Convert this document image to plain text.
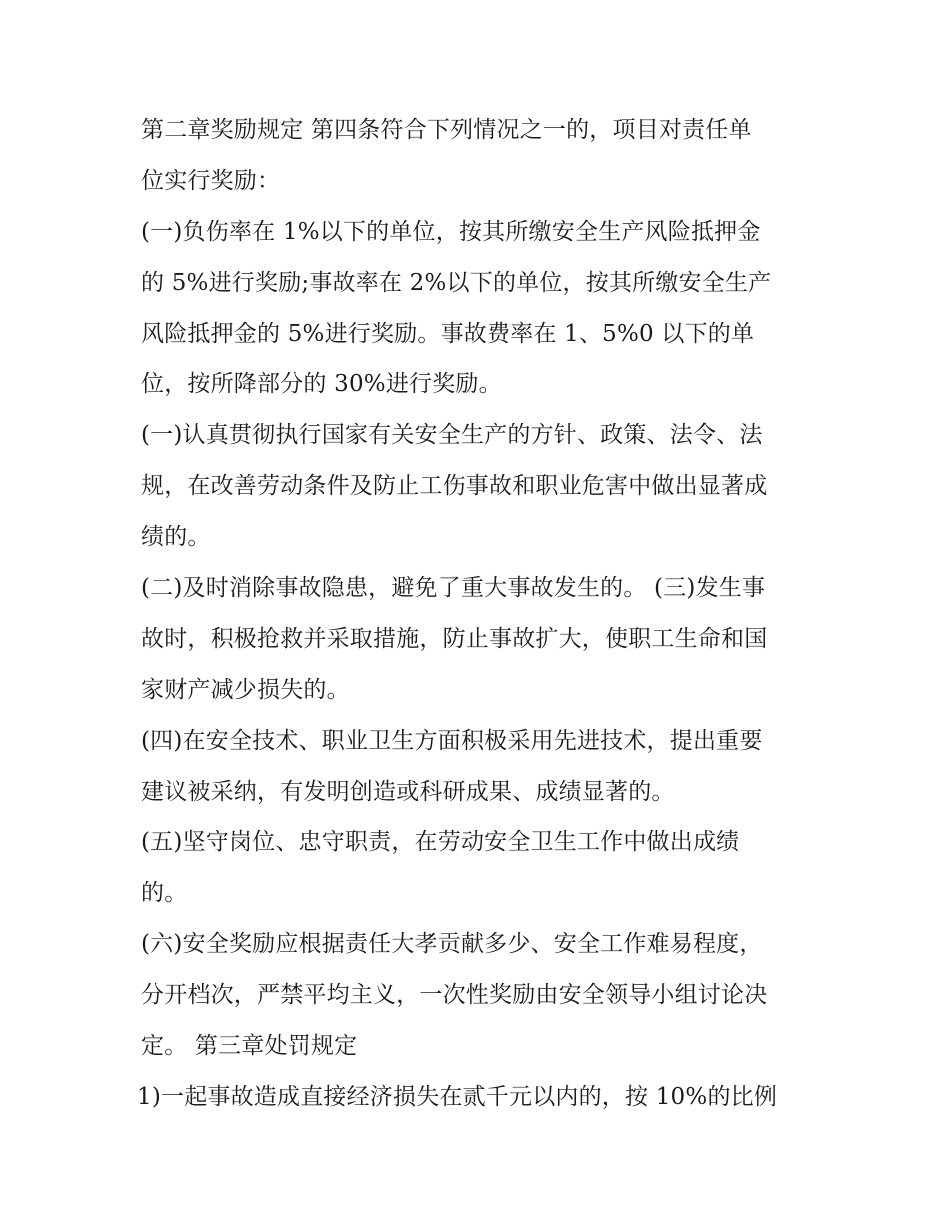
第二章奖励规定 第四条符合下列情况之一的，项目对责任单
位实行奖励：
(一)负伤率在 1%以下的单位，按其所缴安全生产风险抵押金
的 5%进行奖励;事故率在 2%以下的单位，按其所缴安全生产
风险抵押金的 5%进行奖励。事故费率在 1、5%0 以下的单
位，按所降部分的 30%进行奖励。
(一)认真贯彻执行国家有关安全生产的方针、政策、法令、法
规，在改善劳动条件及防止工伤事故和职业危害中做出显著成
绩的。
(二)及时消除事故隐患，避免了重大事故发生的。 (三)发生事
故时，积极抢救并采取措施，防止事故扩大，使职工生命和国
家财产减少损失的。
(四)在安全技术、职业卫生方面积极采用先进技术，提出重要
建议被采纳，有发明创造或科研成果、成绩显著的。
(五)坚守岗位、忠守职责，在劳动安全卫生工作中做出成绩
的。
(六)安全奖励应根据责任大孝贡献多少、安全工作难易程度，
分开档次，严禁平均主义，一次性奖励由安全领导小组讨论决
定。 第三章处罚规定
1)一起事故造成直接经济损失在贰千元以内的，按 10%的比例
